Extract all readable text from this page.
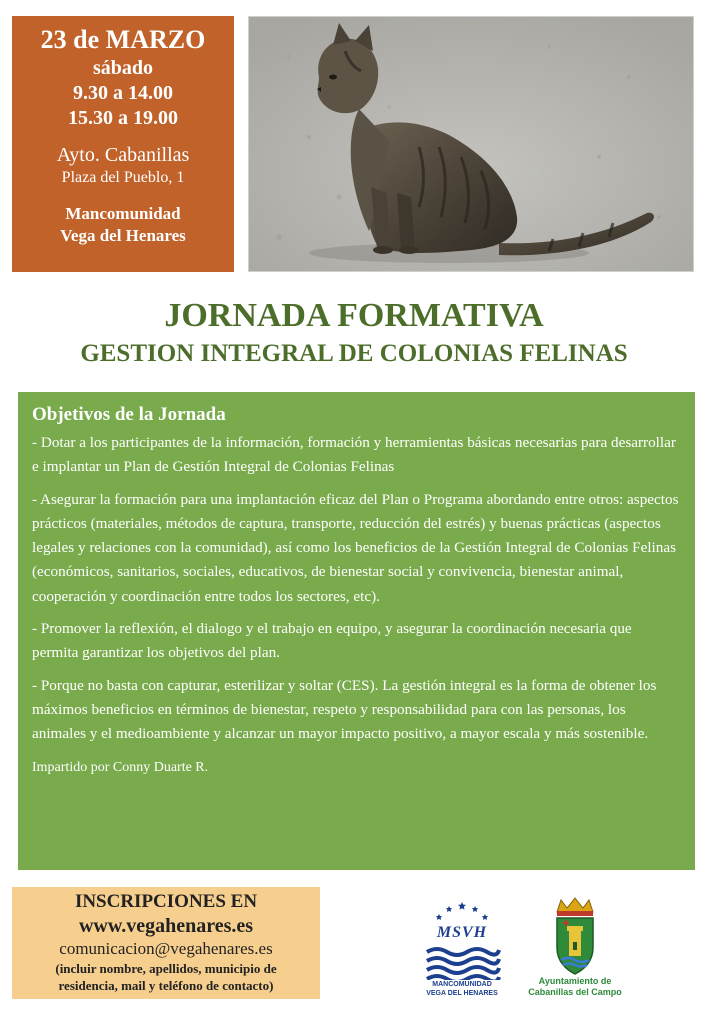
23 de MARZO
sábado
9.30 a 14.00
15.30 a 19.00
Ayto. Cabanillas
Plaza del Pueblo, 1
Mancomunidad
Vega del Henares
JORNADA FORMATIVA
GESTION INTEGRAL DE COLONIAS FELINAS
Objetivos de la Jornada

- Dotar a los participantes de la información, formación y herramientas básicas necesarias para desarrollar e implantar un Plan de Gestión Integral de Colonias Felinas

- Asegurar la formación para una implantación eficaz del Plan o Programa abordando entre otros: aspectos prácticos (materiales, métodos de captura, transporte, reducción del estrés) y buenas prácticas (aspectos legales y relaciones con la comunidad), así como los beneficios de la Gestión Integral de Colonias Felinas (económicos, sanitarios, sociales, educativos, de bienestar social y convivencia, bienestar animal, cooperación y coordinación entre todos los sectores, etc).

- Promover la reflexión, el dialogo y el trabajo en equipo, y asegurar la coordinación necesaria que permita garantizar los objetivos del plan.

- Porque no basta con capturar, esterilizar y soltar (CES). La gestión integral es la forma de obtener los máximos beneficios en términos de bienestar, respeto y responsabilidad para con las personas, los animales y el medioambiente y alcanzar un mayor impacto positivo, a mayor escala y más sostenible.

Impartido por Conny Duarte R.
INSCRIPCIONES EN
www.vegahenares.es
comunicacion@vegahenares.es
(incluir nombre, apellidos, municipio de
residencia, mail y teléfono de contacto)
MSVH
MANCOMUNIDAD
VEGA DEL HENARES
Ayuntamiento de
Cabanillas del Campo
